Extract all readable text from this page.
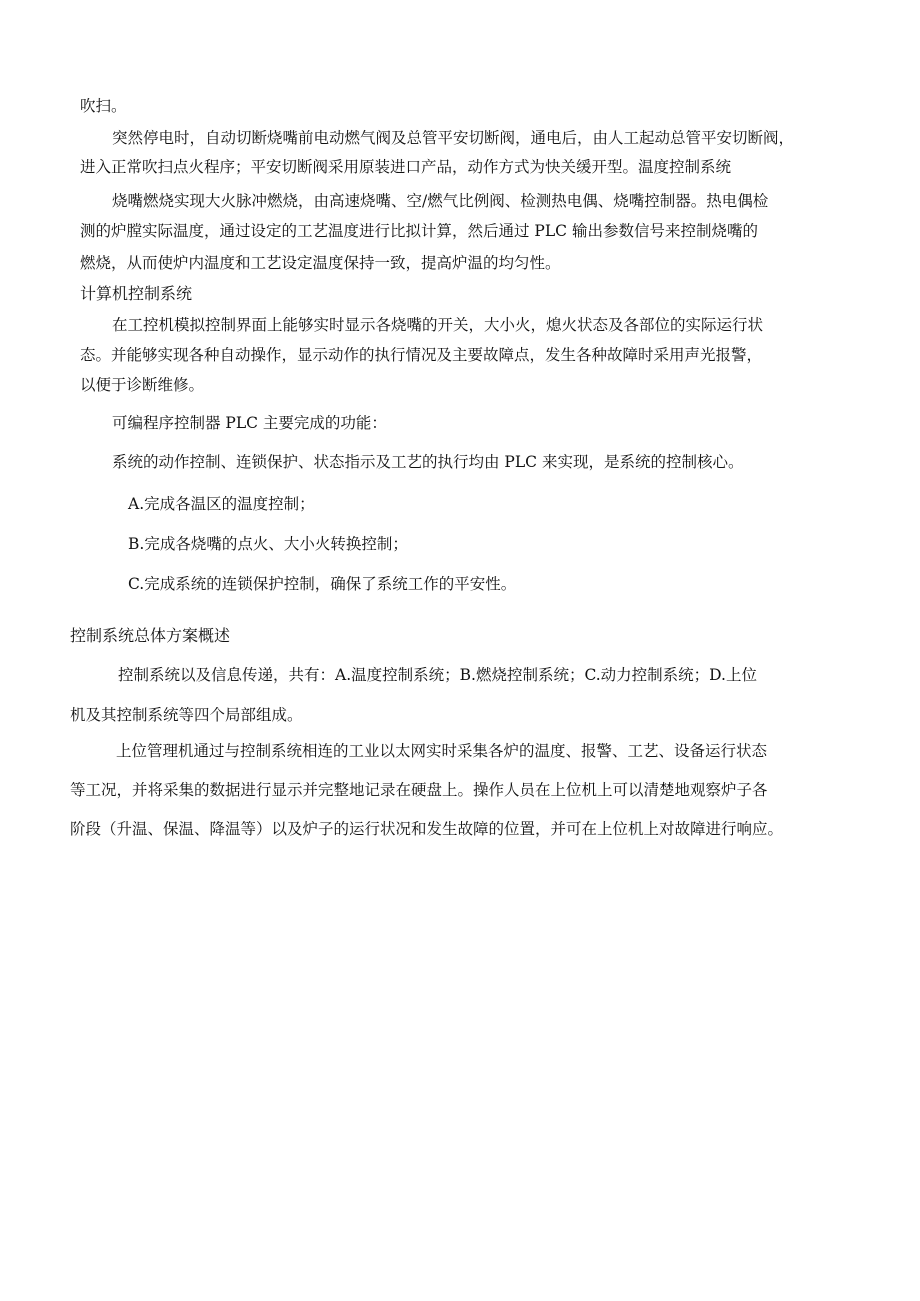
吹扫。
突然停电时，自动切断烧嘴前电动燃气阀及总管平安切断阀，通电后，由人工起动总管平安切断阀，
进入正常吹扫点火程序；平安切断阀采用原装进口产品，动作方式为快关缓开型。温度控制系统
烧嘴燃烧实现大火脉冲燃烧，由高速烧嘴、空/燃气比例阀、检测热电偶、烧嘴控制器。热电偶检
测的炉膛实际温度，通过设定的工艺温度进行比拟计算，然后通过 PLC 输出参数信号来控制烧嘴的
燃烧，从而使炉内温度和工艺设定温度保持一致，提高炉温的均匀性。
计算机控制系统
在工控机模拟控制界面上能够实时显示各烧嘴的开关，大小火，熄火状态及各部位的实际运行状
态。并能够实现各种自动操作，显示动作的执行情况及主要故障点，发生各种故障时采用声光报警，
以便于诊断维修。
可编程序控制器 PLC 主要完成的功能：
系统的动作控制、连锁保护、状态指示及工艺的执行均由 PLC 来实现，是系统的控制核心。
A.完成各温区的温度控制；
B.完成各烧嘴的点火、大小火转换控制；
C.完成系统的连锁保护控制，确保了系统工作的平安性。
控制系统总体方案概述
控制系统以及信息传递，共有：A.温度控制系统；B.燃烧控制系统；C.动力控制系统；D.上位
机及其控制系统等四个局部组成。
上位管理机通过与控制系统相连的工业以太网实时采集各炉的温度、报警、工艺、设备运行状态
等工况，并将采集的数据进行显示并完整地记录在硬盘上。操作人员在上位机上可以清楚地观察炉子各
阶段（升温、保温、降温等）以及炉子的运行状况和发生故障的位置，并可在上位机上对故障进行响应。
